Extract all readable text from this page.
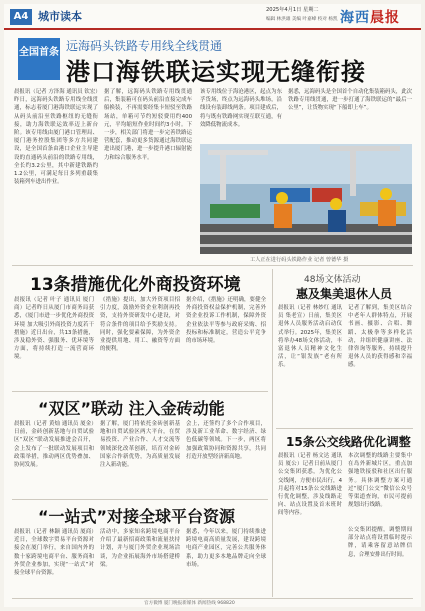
A4 城市读本	2025年4月1日 星期二
编辑 林洪雄 美编 叶嘉峰 校对 杨凯 海西晨报
全国首条 远海码头铁路专用线全线贯通
港口海铁联运实现无缝衔接
晨报讯（记者 方泽海 通讯员 钦宏）昨日，远海码头铁路专用线全线贯通，标志着厦门港海铁联运实现了从码头前沿至铁路枢纽的无缝衔接，助力海铁联运效率迈上新台阶。该专用线由厦门港口管理局、厦门港务控股集团等多方共同建设，是全国首条由港口企业主导建设的直通码头前沿的铁路专用线，全长约3.2公里，其中新建铁路约1.2公里，可满足每日多列重载集装箱列车进出作业。
据了解，远海码头铁路专用线贯通后，集装箱可在码头前沿直接完成车船换装，不再需要经集卡短驳至铁路场站，单箱可节约短驳费用约400元，平均缩短作业时间约3小时。下一步，相关部门将进一步完善铁路运营配套，推动更多货源通过海铁联运进出厦门港，进一步提升港口辐射能力和综合服务水平。
该专用线位于海沧港区，起点为东孚货场，终点为远海码头堆场，沿线设有装卸线两条。项目建成后，将与既有铁路网实现互联互通，有效降低物流成本。
据悉，远海码头是全国首个自动化集装箱码头，此次铁路专用线贯通，进一步打通了海铁联运的“最后一公里”，让货物实现“下船即上车”。
工人正在进行码头铁路作业 记者 曾德华 摄
13条措施优化外商投资环境
晨报讯（记者 叶子 通讯员 厦门商）记者昨日从厦门市商务局获悉，《厦门市进一步优化外商投资环境 加大吸引外商投资力度若干措施》近日出台，共13条措施，涉及稳外资、强服务、优环境等方面，将持续打造一流营商环境。
《措施》提出，加大外资项目招引力度，鼓励外资企业利润再投资，支持外资研发中心建设，对符合条件的项目给予奖励支持。同时，强化要素保障，为外资企业提供用地、用工、融资等方面的便利。
据介绍，《措施》还明确，要健全外商投资权益保护机制，完善外资企业投诉工作机制，保障外资企业依法平等参与政府采购、招投标和标准制定，营造公平竞争的市场环境。
“双区”联动 注入金砖动能
晨报讯（记者 黄灿 通讯员 厦金）日前，金砖创新基地与自贸试验区“双区”联动发展推进会召开，会上发布了一批联动发展项目和政策举措，推动两区优势叠加、协同发展。
据了解，厦门将依托金砖创新基地和自贸试验区两大平台，在贸易投资、产业合作、人才交流等领域深化改革创新，培育对金砖国家合作新优势，为高质量发展注入新动能。
会上，还签约了多个合作项目，涉及新工业革命、数字经济、绿色低碳等领域。下一步，两区将加强政策协同和资源共享，共同打造开放型经济新高地。
“一站式”对接全球平台资源
晨报讯（记者 林颖 通讯员 厦商）近日，全球数字贸易平台资源对接会在厦门举行，来自国内外的数十家跨境电商平台、服务商和外贸企业参加，实现“一站式”对接全球平台资源。
活动中，多家知名跨境电商平台介绍了最新招商政策和流量扶持计划，并与厦门外贸企业现场洽谈，为企业拓展海外市场搭建桥梁。
据悉，今年以来，厦门持续推进跨境电商高质量发展，建设跨境电商产业园区，完善公共服务体系，助力更多本地品牌走向全球市场。
48场文体活动
惠及集美退休人员
晨报讯（记者 林妙红 通讯员 集老宣）日前，集美区退休人员服务活动启动仪式举行。2025年，集美区将举办48场文体活动，丰富退休人员精神文化生活，让“银发族”老有所乐。
记者了解到，集美区结合中老年人群体特点，开展书画、摄影、合唱、舞蹈、太极拳等多样化活动，并组织健康讲座、法律咨询等服务，持续提升退休人员的获得感和幸福感。
15条公交线路优化调整
晨报讯（记者 杨文达 通讯员 厦公）记者日前从厦门公交集团获悉，为优化公交线网，方便市民出行，4月起将对15条公交线路进行优化调整，涉及线路走向、站点设置及首末班时间等内容。
本次调整的线路主要集中在岛外新城片区，重点加强地铁接驳和社区出行服务。具体调整方案可通过“厦门公交”微信公众号等渠道查询，市民可提前规划出行线路。
公交集团提醒，调整期间部分站点将设置临时提示牌，请乘客留意站牌信息，合理安排出行时间。
官方微博 厦门晚报新媒体 新闻热线 968820
